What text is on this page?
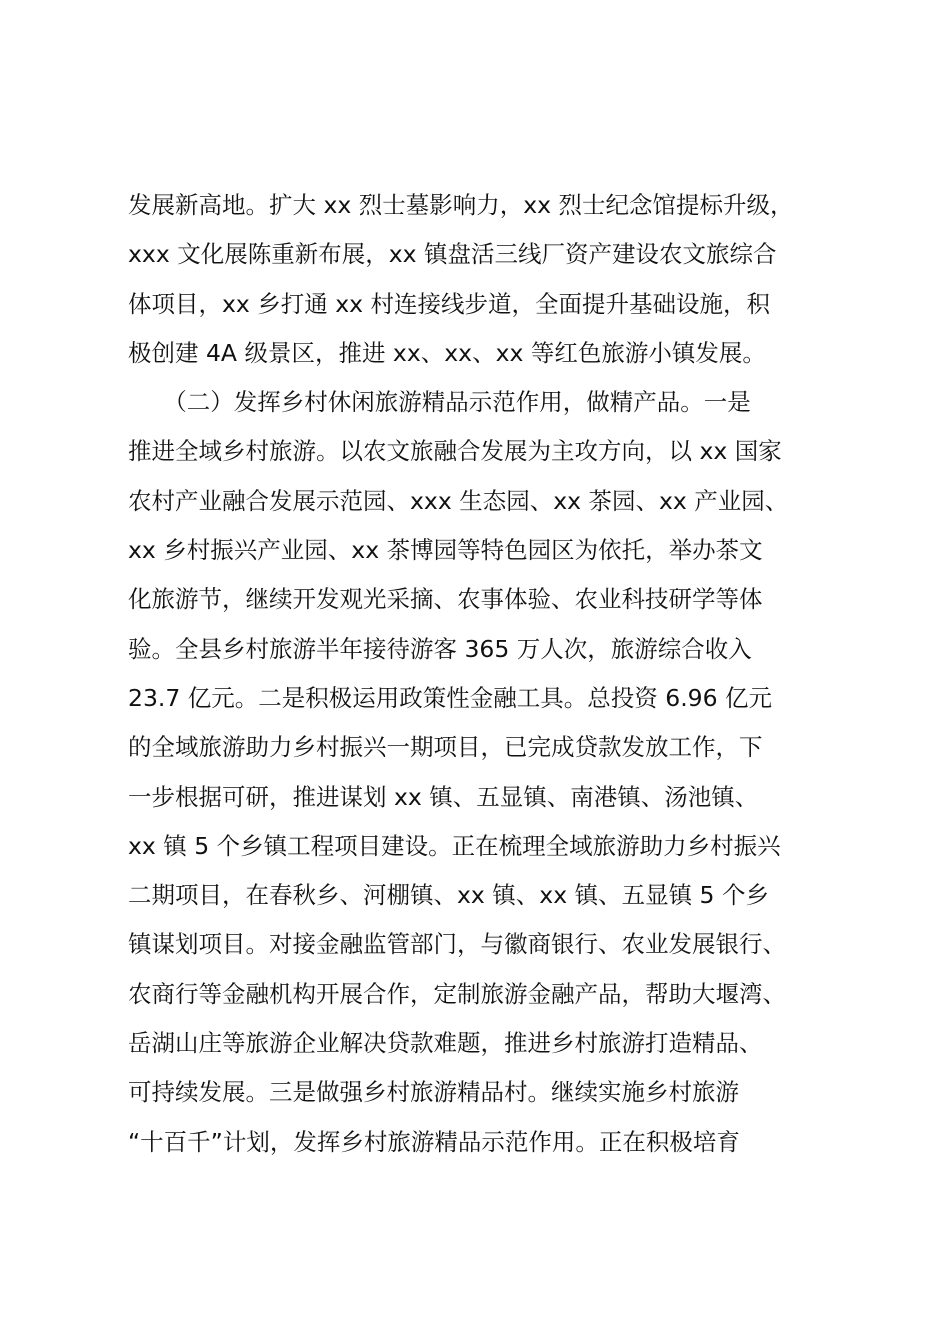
发展新高地。扩大 xx 烈士墓影响力，xx 烈士纪念馆提标升级，
xxx 文化展陈重新布展，xx 镇盘活三线厂资产建设农文旅综合
体项目，xx 乡打通 xx 村连接线步道，全面提升基础设施，积
极创建 4A 级景区，推进 xx、xx、xx 等红色旅游小镇发展。
　　（二）发挥乡村休闲旅游精品示范作用，做精产品。一是
推进全域乡村旅游。以农文旅融合发展为主攻方向，以 xx 国家
农村产业融合发展示范园、xxx 生态园、xx 茶园、xx 产业园、
xx 乡村振兴产业园、xx 茶博园等特色园区为依托，举办茶文
化旅游节，继续开发观光采摘、农事体验、农业科技研学等体
验。全县乡村旅游半年接待游客 365 万人次，旅游综合收入
23.7 亿元。二是积极运用政策性金融工具。总投资 6.96 亿元
的全域旅游助力乡村振兴一期项目，已完成贷款发放工作，下
一步根据可研，推进谋划 xx 镇、五显镇、南港镇、汤池镇、
xx 镇 5 个乡镇工程项目建设。正在梳理全域旅游助力乡村振兴
二期项目，在春秋乡、河棚镇、xx 镇、xx 镇、五显镇 5 个乡
镇谋划项目。对接金融监管部门，与徽商银行、农业发展银行、
农商行等金融机构开展合作，定制旅游金融产品，帮助大堰湾、
岳湖山庄等旅游企业解决贷款难题，推进乡村旅游打造精品、
可持续发展。三是做强乡村旅游精品村。继续实施乡村旅游
“十百千”计划，发挥乡村旅游精品示范作用。正在积极培育
